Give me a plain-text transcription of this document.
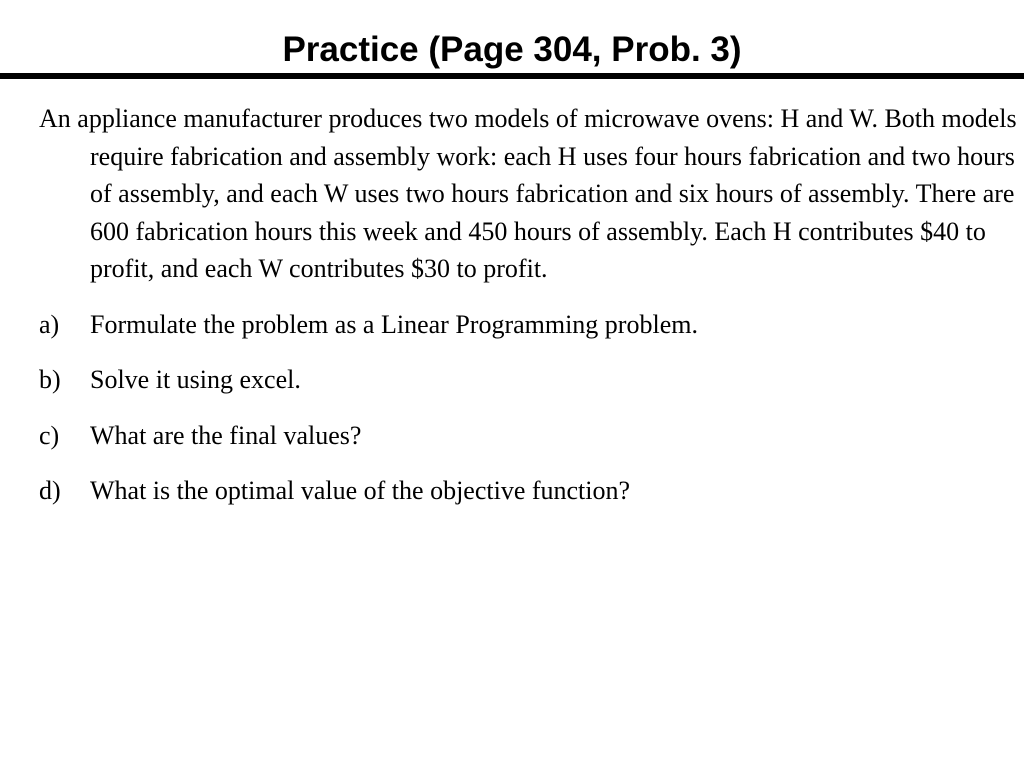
Practice (Page 304, Prob. 3)

An appliance manufacturer produces two models of microwave ovens: H and W. Both models require fabrication and assembly work: each H uses four hours fabrication and two hours of assembly, and each W uses two hours fabrication and six hours of assembly. There are 600 fabrication hours this week and 450 hours of assembly. Each H contributes $40 to profit, and each W contributes $30 to profit.

a)	Formulate the problem as a Linear Programming problem.
b)	Solve it using excel.
c)	What are the final values?
d)	What is the optimal value of the objective function?
